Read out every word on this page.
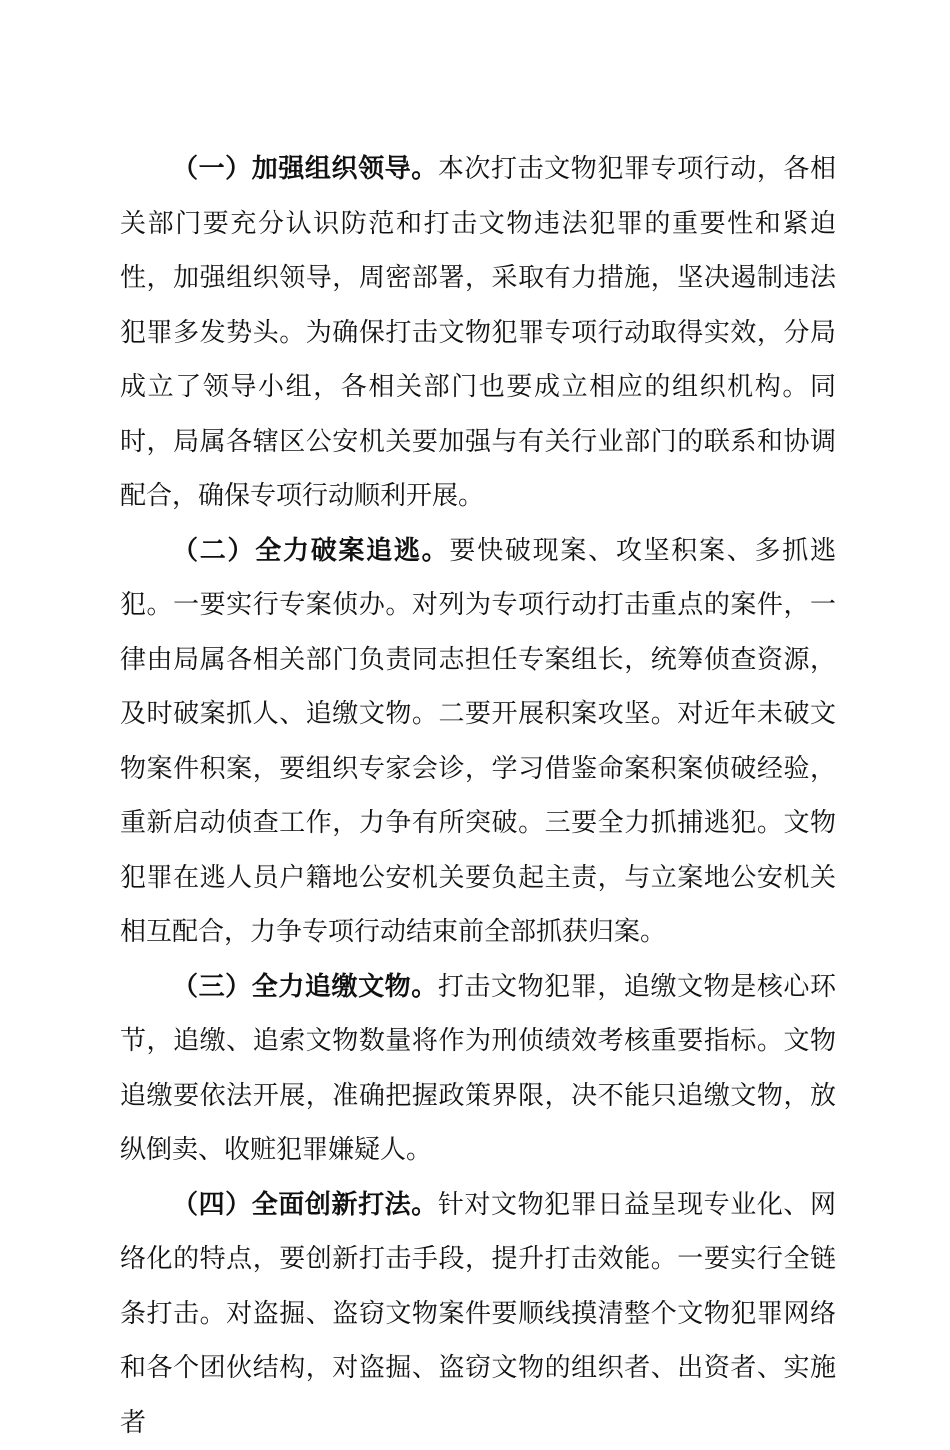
（一）加强组织领导。本次打击文物犯罪专项行动，各相关部门要充分认识防范和打击文物违法犯罪的重要性和紧迫性，加强组织领导，周密部署，采取有力措施，坚决遏制违法犯罪多发势头。为确保打击文物犯罪专项行动取得实效，分局成立了领导小组，各相关部门也要成立相应的组织机构。同时，局属各辖区公安机关要加强与有关行业部门的联系和协调配合，确保专项行动顺利开展。

（二）全力破案追逃。要快破现案、攻坚积案、多抓逃犯。一要实行专案侦办。对列为专项行动打击重点的案件，一律由局属各相关部门负责同志担任专案组长，统筹侦查资源，及时破案抓人、追缴文物。二要开展积案攻坚。对近年未破文物案件积案，要组织专家会诊，学习借鉴命案积案侦破经验，重新启动侦查工作，力争有所突破。三要全力抓捕逃犯。文物犯罪在逃人员户籍地公安机关要负起主责，与立案地公安机关相互配合，力争专项行动结束前全部抓获归案。

（三）全力追缴文物。打击文物犯罪，追缴文物是核心环节，追缴、追索文物数量将作为刑侦绩效考核重要指标。文物追缴要依法开展，准确把握政策界限，决不能只追缴文物，放纵倒卖、收赃犯罪嫌疑人。

（四）全面创新打法。针对文物犯罪日益呈现专业化、网络化的特点，要创新打击手段，提升打击效能。一要实行全链条打击。对盗掘、盗窃文物案件要顺线摸清整个文物犯罪网络和各个团伙结构，对盗掘、盗窃文物的组织者、出资者、实施者
